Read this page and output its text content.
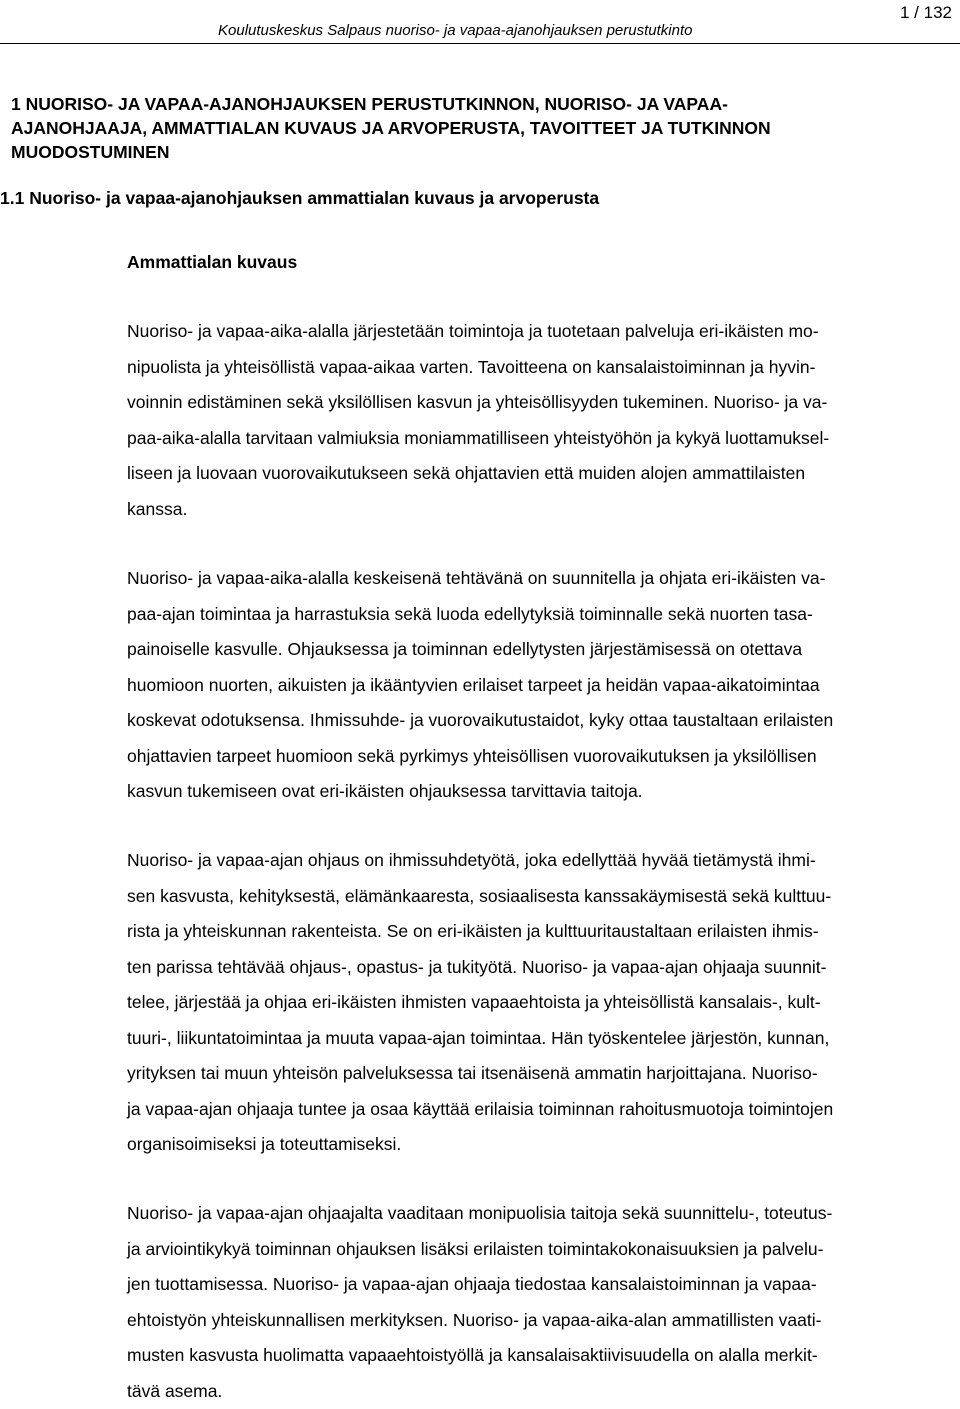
Koulutuskeskus Salpaus nuoriso- ja vapaa-ajanohjauksen perustutkinto
1 / 132
1 NUORISO- JA VAPAA-AJANOHJAUKSEN PERUSTUTKINNON, NUORISO- JA VAPAA-
AJANOHJAAJA, AMMATTIALAN KUVAUS JA ARVOPERUSTA, TAVOITTEET JA TUTKINNON
MUODOSTUMINEN
1.1 Nuoriso- ja vapaa-ajanohjauksen ammattialan kuvaus ja arvoperusta
Ammattialan kuvaus

Nuoriso- ja vapaa-aika-alalla järjestetään toimintoja ja tuotetaan palveluja eri-ikäisten mo-
nipuolista ja yhteisöllistä vapaa-aikaa varten. Tavoitteena on kansalaistoiminnan ja hyvin-
voinnin edistäminen sekä yksilöllisen kasvun ja yhteisöllisyyden tukeminen. Nuoriso- ja va-
paa-aika-alalla tarvitaan valmiuksia moniammatilliseen yhteistyöhön ja kykyä luottamuksel-
liseen ja luovaan vuorovaikutukseen sekä ohjattavien että muiden alojen ammattilaisten
kanssa.

Nuoriso- ja vapaa-aika-alalla keskeisenä tehtävänä on suunnitella ja ohjata eri-ikäisten va-
paa-ajan toimintaa ja harrastuksia sekä luoda edellytyksiä toiminnalle sekä nuorten tasa-
painoiselle kasvulle. Ohjauksessa ja toiminnan edellytysten järjestämisessä on otettava
huomioon nuorten, aikuisten ja ikääntyvien erilaiset tarpeet ja heidän vapaa-aikatoimintaa
koskevat odotuksensa. Ihmissuhde- ja vuorovaikutustaidot, kyky ottaa taustaltaan erilaisten
ohjattavien tarpeet huomioon sekä pyrkimys yhteisöllisen vuorovaikutuksen ja yksilöllisen
kasvun tukemiseen ovat eri-ikäisten ohjauksessa tarvittavia taitoja.

Nuoriso- ja vapaa-ajan ohjaus on ihmissuhdetyötä, joka edellyttää hyvää tietämystä ihmi-
sen kasvusta, kehityksestä, elämänkaaresta, sosiaalisesta kanssakäymisestä sekä kulttuu-
rista ja yhteiskunnan rakenteista. Se on eri-ikäisten ja kulttuuritaustaltaan erilaisten ihmis-
ten parissa tehtävää ohjaus-, opastus- ja tukityötä. Nuoriso- ja vapaa-ajan ohjaaja suunnit-
telee, järjestää ja ohjaa eri-ikäisten ihmisten vapaaehtoista ja yhteisöllistä kansalais-, kult-
tuuri-, liikuntatoimintaa ja muuta vapaa-ajan toimintaa. Hän työskentelee järjestön, kunnan,
yrityksen tai muun yhteisön palveluksessa tai itsenäisenä ammatin harjoittajana. Nuoriso-
ja vapaa-ajan ohjaaja tuntee ja osaa käyttää erilaisia toiminnan rahoitusmuotoja toimintojen
organisoimiseksi ja toteuttamiseksi.

Nuoriso- ja vapaa-ajan ohjaajalta vaaditaan monipuolisia taitoja sekä suunnittelu-, toteutus-
ja arviointikykyä toiminnan ohjauksen lisäksi erilaisten toimintakokonaisuuksien ja palvelu-
jen tuottamisessa. Nuoriso- ja vapaa-ajan ohjaaja tiedostaa kansalaistoiminnan ja vapaa-
ehtoistyön yhteiskunnallisen merkityksen. Nuoriso- ja vapaa-aika-alan ammatillisten vaati-
musten kasvusta huolimatta vapaaehtoistyöllä ja kansalaisaktiivisuudella on alalla merkit-
tävä asema.
